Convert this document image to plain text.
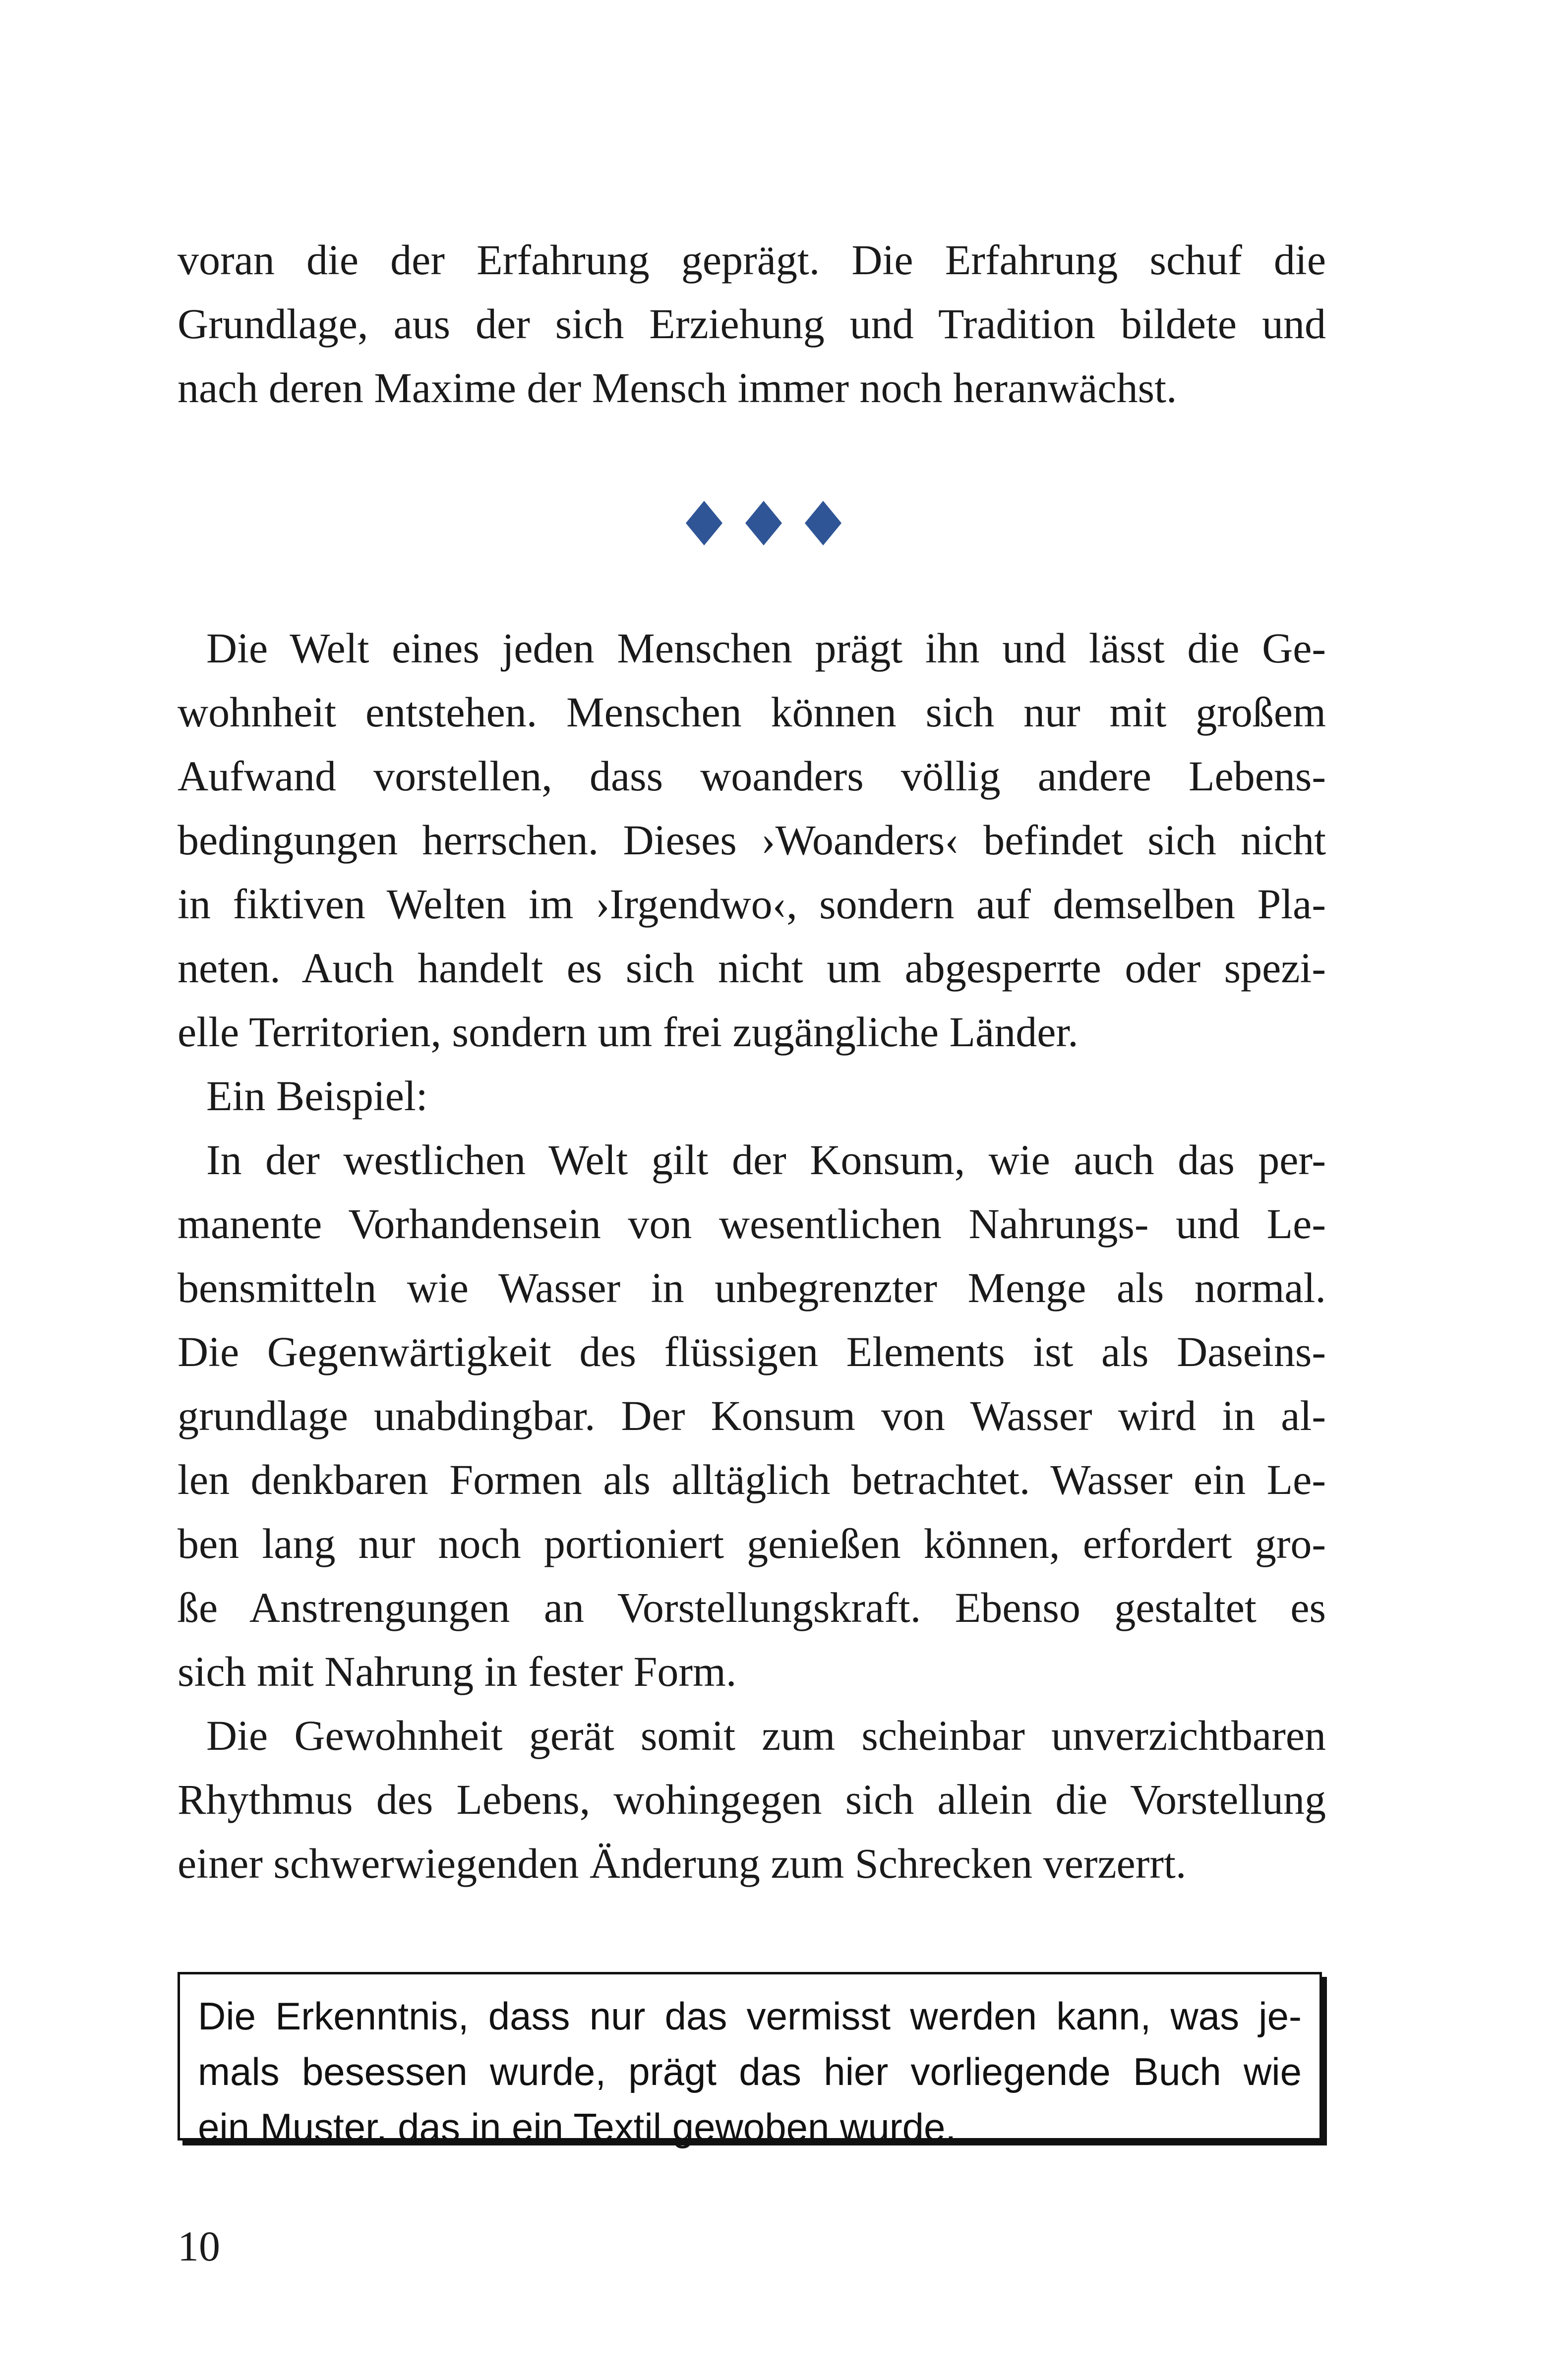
voran die der Erfahrung geprägt. Die Erfahrung schuf die
Grundlage, aus der sich Erziehung und Tradition bildete und
nach deren Maxime der Mensch immer noch heranwächst.
Die Welt eines jeden Menschen prägt ihn und lässt die Ge-
wohnheit entstehen. Menschen können sich nur mit großem
Aufwand vorstellen, dass woanders völlig andere Lebens-
bedingungen herrschen. Dieses ›Woanders‹ befindet sich nicht
in fiktiven Welten im ›Irgendwo‹, sondern auf demselben Pla-
neten. Auch handelt es sich nicht um abgesperrte oder spezi-
elle Territorien, sondern um frei zugängliche Länder.
Ein Beispiel:
In der westlichen Welt gilt der Konsum, wie auch das per-
manente Vorhandensein von wesentlichen Nahrungs- und Le-
bensmitteln wie Wasser in unbegrenzter Menge als normal.
Die Gegenwärtigkeit des flüssigen Elements ist als Daseins-
grundlage unabdingbar. Der Konsum von Wasser wird in al-
len denkbaren Formen als alltäglich betrachtet. Wasser ein Le-
ben lang nur noch portioniert genießen können, erfordert gro-
ße Anstrengungen an Vorstellungskraft. Ebenso gestaltet es
sich mit Nahrung in fester Form.
Die Gewohnheit gerät somit zum scheinbar unverzichtbaren
Rhythmus des Lebens, wohingegen sich allein die Vorstellung
einer schwerwiegenden Änderung zum Schrecken verzerrt.
Die Erkenntnis, dass nur das vermisst werden kann, was je-
mals besessen wurde, prägt das hier vorliegende Buch wie
ein Muster, das in ein Textil gewoben wurde.
10
